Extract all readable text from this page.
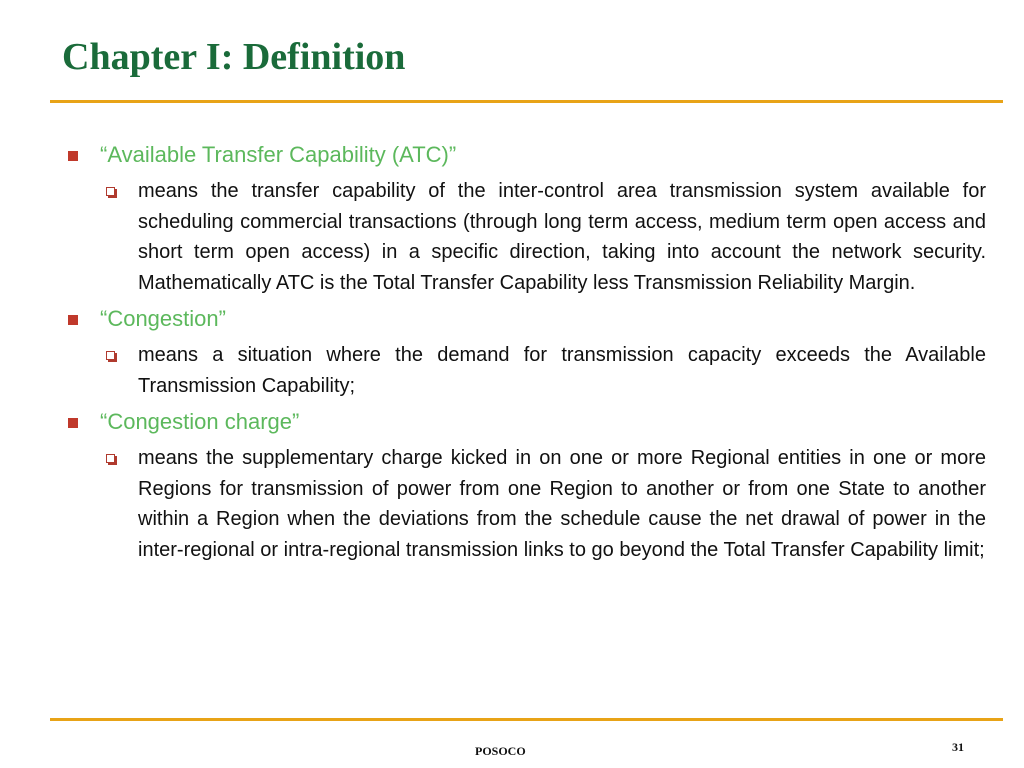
Chapter I: Definition
“Available Transfer Capability (ATC)”
means the transfer capability of the inter-control area transmission system available for scheduling commercial transactions (through long term access, medium term open access and short term open access) in a specific direction, taking into account the network security. Mathematically ATC is the Total Transfer Capability less Transmission Reliability Margin.
“Congestion”
means a situation where the demand for transmission capacity exceeds the Available Transmission Capability;
“Congestion charge”
means the supplementary charge kicked in on one or more Regional entities in one or more Regions for transmission of power from one Region to another or from one State to another within a Region when the deviations from the schedule cause the net drawal of power in the inter-regional or intra-regional transmission links to go beyond the Total Transfer Capability limit;
POSOCO	31
